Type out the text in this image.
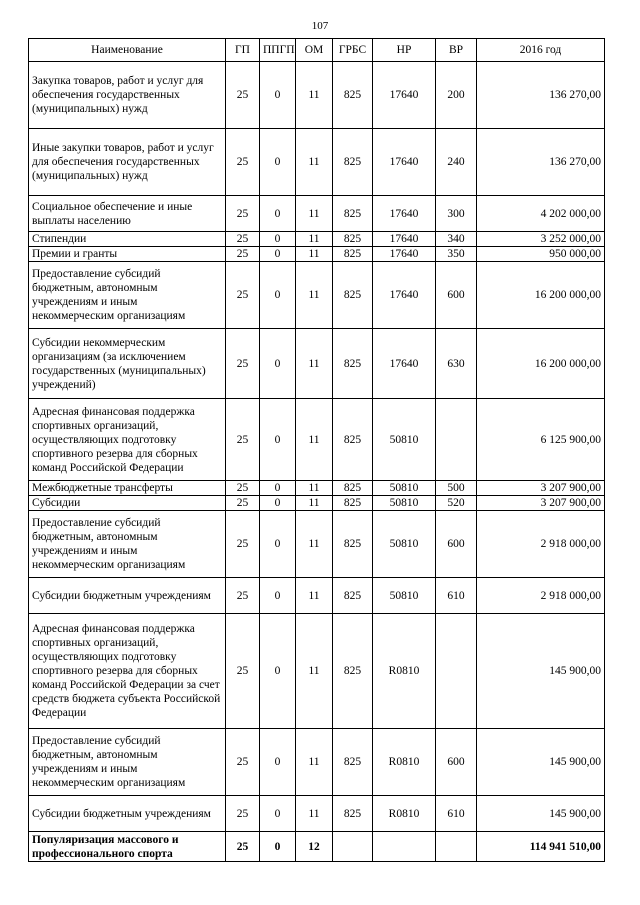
107
Наименование	ГП	ППГП	ОМ	ГРБС	НР	ВР	2016 год
Закупка товаров, работ и услуг для обеспечения государственных (муниципальных) нужд	25	0	11	825	17640	200	136 270,00
Иные закупки товаров, работ и услуг для обеспечения государственных (муниципальных) нужд	25	0	11	825	17640	240	136 270,00
Социальное обеспечение и иные выплаты населению	25	0	11	825	17640	300	4 202 000,00
Стипендии	25	0	11	825	17640	340	3 252 000,00
Премии и гранты	25	0	11	825	17640	350	950 000,00
Предоставление субсидий бюджетным, автономным учреждениям и иным некоммерческим организациям	25	0	11	825	17640	600	16 200 000,00
Субсидии некоммерческим организациям (за исключением государственных (муниципальных) учреждений)	25	0	11	825	17640	630	16 200 000,00
Адресная финансовая поддержка спортивных организаций, осуществляющих подготовку спортивного резерва для сборных команд Российской Федерации	25	0	11	825	50810		6 125 900,00
Межбюджетные трансферты	25	0	11	825	50810	500	3 207 900,00
Субсидии	25	0	11	825	50810	520	3 207 900,00
Предоставление субсидий бюджетным, автономным учреждениям и иным некоммерческим организациям	25	0	11	825	50810	600	2 918 000,00
Субсидии бюджетным учреждениям	25	0	11	825	50810	610	2 918 000,00
Адресная финансовая поддержка спортивных организаций, осуществляющих подготовку спортивного резерва для сборных команд Российской Федерации за счет средств бюджета субъекта Российской Федерации	25	0	11	825	R0810		145 900,00
Предоставление субсидий бюджетным, автономным учреждениям и иным некоммерческим организациям	25	0	11	825	R0810	600	145 900,00
Субсидии бюджетным учреждениям	25	0	11	825	R0810	610	145 900,00
Популяризация массового и профессионального спорта	25	0	12				114 941 510,00
